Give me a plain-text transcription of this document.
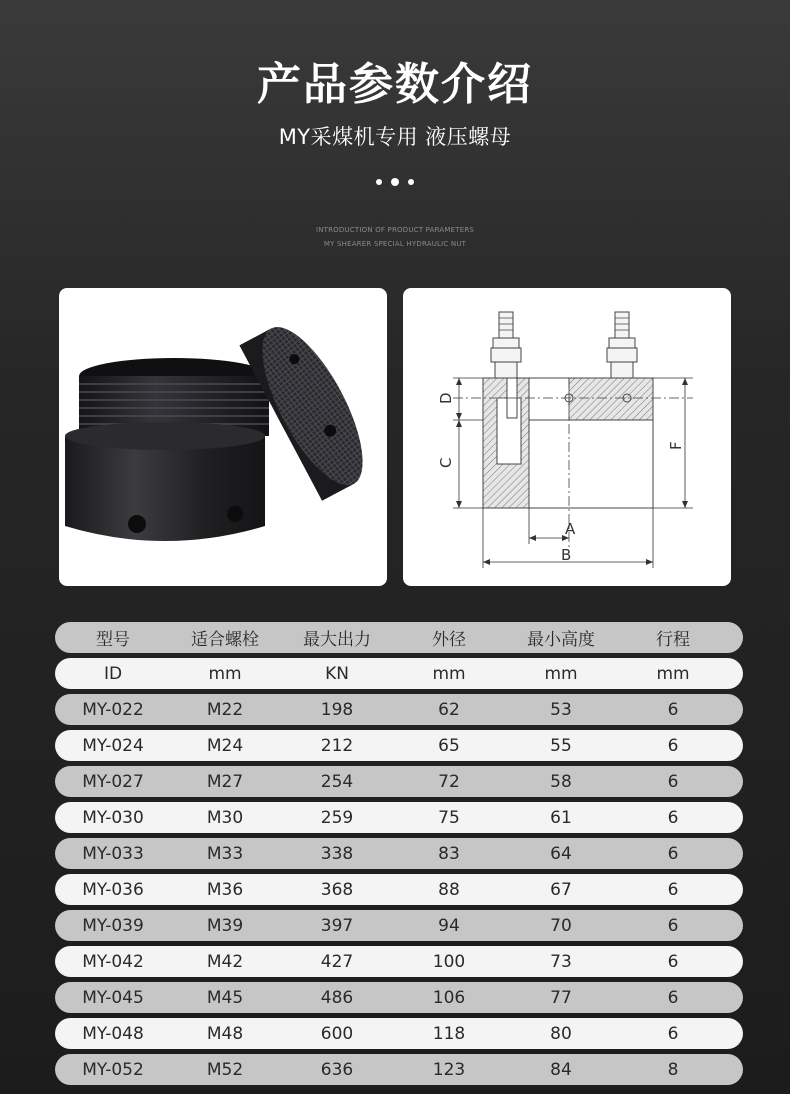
产品参数介绍
MY采煤机专用 液压螺母
INTRODUCTION OF PRODUCT PARAMETERS
MY SHEARER SPECIAL HYDRAULIC NUT
A
B
C
D
F
型号	适合螺栓	最大出力	外径	最小高度	行程
ID	mm	KN	mm	mm	mm
MY-022	M22	198	62	53	6
MY-024	M24	212	65	55	6
MY-027	M27	254	72	58	6
MY-030	M30	259	75	61	6
MY-033	M33	338	83	64	6
MY-036	M36	368	88	67	6
MY-039	M39	397	94	70	6
MY-042	M42	427	100	73	6
MY-045	M45	486	106	77	6
MY-048	M48	600	118	80	6
MY-052	M52	636	123	84	8
